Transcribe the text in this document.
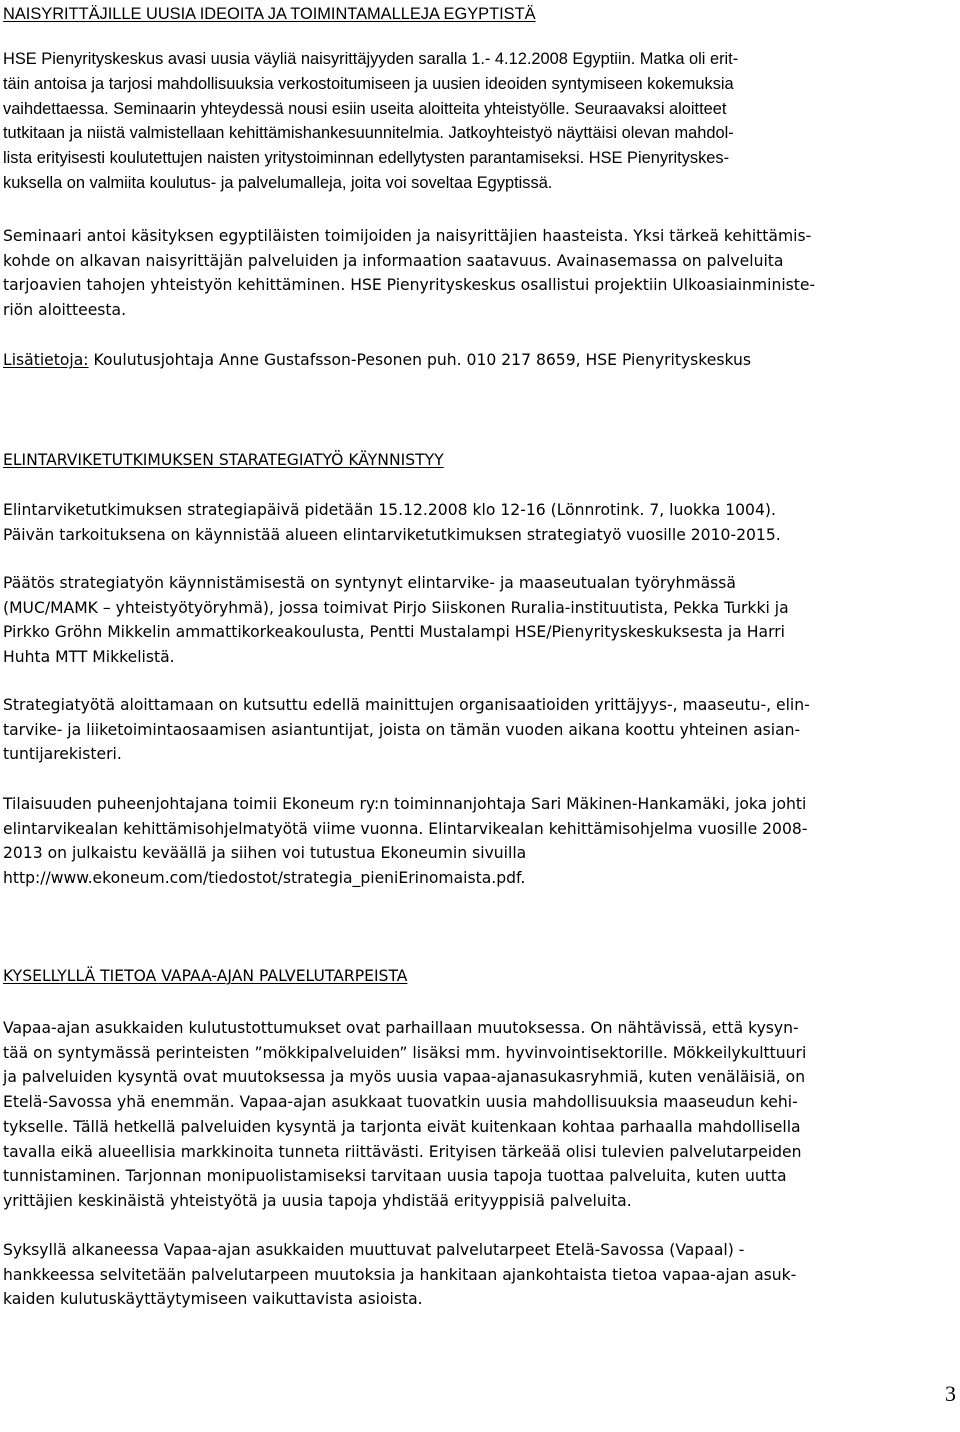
NAISYRITTÄJILLE UUSIA IDEOITA JA TOIMINTAMALLEJA EGYPTISTÄ

HSE Pienyrityskeskus avasi uusia väyliä naisyrittäjyyden saralla 1.- 4.12.2008 Egyptiin. Matka oli erit-
täin antoisa ja tarjosi mahdollisuuksia verkostoitumiseen ja uusien ideoiden syntymiseen kokemuksia
vaihdettaessa. Seminaarin yhteydessä nousi esiin useita aloitteita yhteistyölle. Seuraavaksi aloitteet
tutkitaan ja niistä valmistellaan kehittämishankesuunnitelmia. Jatkoyhteistyö näyttäisi olevan mahdol-
lista erityisesti koulutettujen naisten yritystoiminnan edellytysten parantamiseksi. HSE Pienyrityskes-
kuksella on valmiita koulutus- ja palvelumalleja, joita voi soveltaa Egyptissä.

Seminaari antoi käsityksen egyptiläisten toimijoiden ja naisyrittäjien haasteista. Yksi tärkeä kehittämis-
kohde on alkavan naisyrittäjän palveluiden ja informaation saatavuus. Avainasemassa on palveluita
tarjoavien tahojen yhteistyön kehittäminen. HSE Pienyrityskeskus osallistui projektiin Ulkoasiainministe-
riön aloitteesta.

Lisätietoja: Koulutusjohtaja Anne Gustafsson-Pesonen puh. 010 217 8659, HSE Pienyrityskeskus

ELINTARVIKETUTKIMUKSEN STARATEGIATYÖ KÄYNNISTYY

Elintarviketutkimuksen strategiapäivä pidetään 15.12.2008 klo 12-16 (Lönnrotink. 7, luokka 1004).
Päivän tarkoituksena on käynnistää alueen elintarviketutkimuksen strategiatyö vuosille 2010-2015.

Päätös strategiatyön käynnistämisestä on syntynyt elintarvike- ja maaseutualan työryhmässä
(MUC/MAMK – yhteistyötyöryhmä), jossa toimivat Pirjo Siiskonen Ruralia-instituutista, Pekka Turkki ja
Pirkko Gröhn Mikkelin ammattikorkeakoulusta, Pentti Mustalampi HSE/Pienyrityskeskuksesta ja Harri
Huhta MTT Mikkelistä.

Strategiatyötä aloittamaan on kutsuttu edellä mainittujen organisaatioiden yrittäjyys-, maaseutu-, elin-
tarvike- ja liiketoimintaosaamisen asiantuntijat, joista on tämän vuoden aikana koottu yhteinen asian-
tuntijarekisteri.

Tilaisuuden puheenjohtajana toimii Ekoneum ry:n toiminnanjohtaja Sari Mäkinen-Hankamäki, joka johti
elintarvikealan kehittämisohjelmatyötä viime vuonna. Elintarvikealan kehittämisohjelma vuosille 2008-
2013 on julkaistu keväällä ja siihen voi tutustua Ekoneumin sivuilla
http://www.ekoneum.com/tiedostot/strategia_pieniErinomaista.pdf.

KYSELLYLLÄ TIETOA VAPAA-AJAN PALVELUTARPEISTA

Vapaa-ajan asukkaiden kulutustottumukset ovat parhaillaan muutoksessa. On nähtävissä, että kysyn-
tää on syntymässä perinteisten ”mökkipalveluiden” lisäksi mm. hyvinvointisektorille. Mökkeilykulttuuri
ja palveluiden kysyntä ovat muutoksessa ja myös uusia vapaa-ajanasukasryhmiä, kuten venäläisiä, on
Etelä-Savossa yhä enemmän. Vapaa-ajan asukkaat tuovatkin uusia mahdollisuuksia maaseudun kehi-
tykselle. Tällä hetkellä palveluiden kysyntä ja tarjonta eivät kuitenkaan kohtaa parhaalla mahdollisella
tavalla eikä alueellisia markkinoita tunneta riittävästi. Erityisen tärkeää olisi tulevien palvelutarpeiden
tunnistaminen. Tarjonnan monipuolistamiseksi tarvitaan uusia tapoja tuottaa palveluita, kuten uutta
yrittäjien keskinäistä yhteistyötä ja uusia tapoja yhdistää erityyppisiä palveluita.

Syksyllä alkaneessa Vapaa-ajan asukkaiden muuttuvat palvelutarpeet Etelä-Savossa (Vapaal) -
hankkeessa selvitetään palvelutarpeen muutoksia ja hankitaan ajankohtaista tietoa vapaa-ajan asuk-
kaiden kulutuskäyttäytymiseen vaikuttavista asioista.

3
